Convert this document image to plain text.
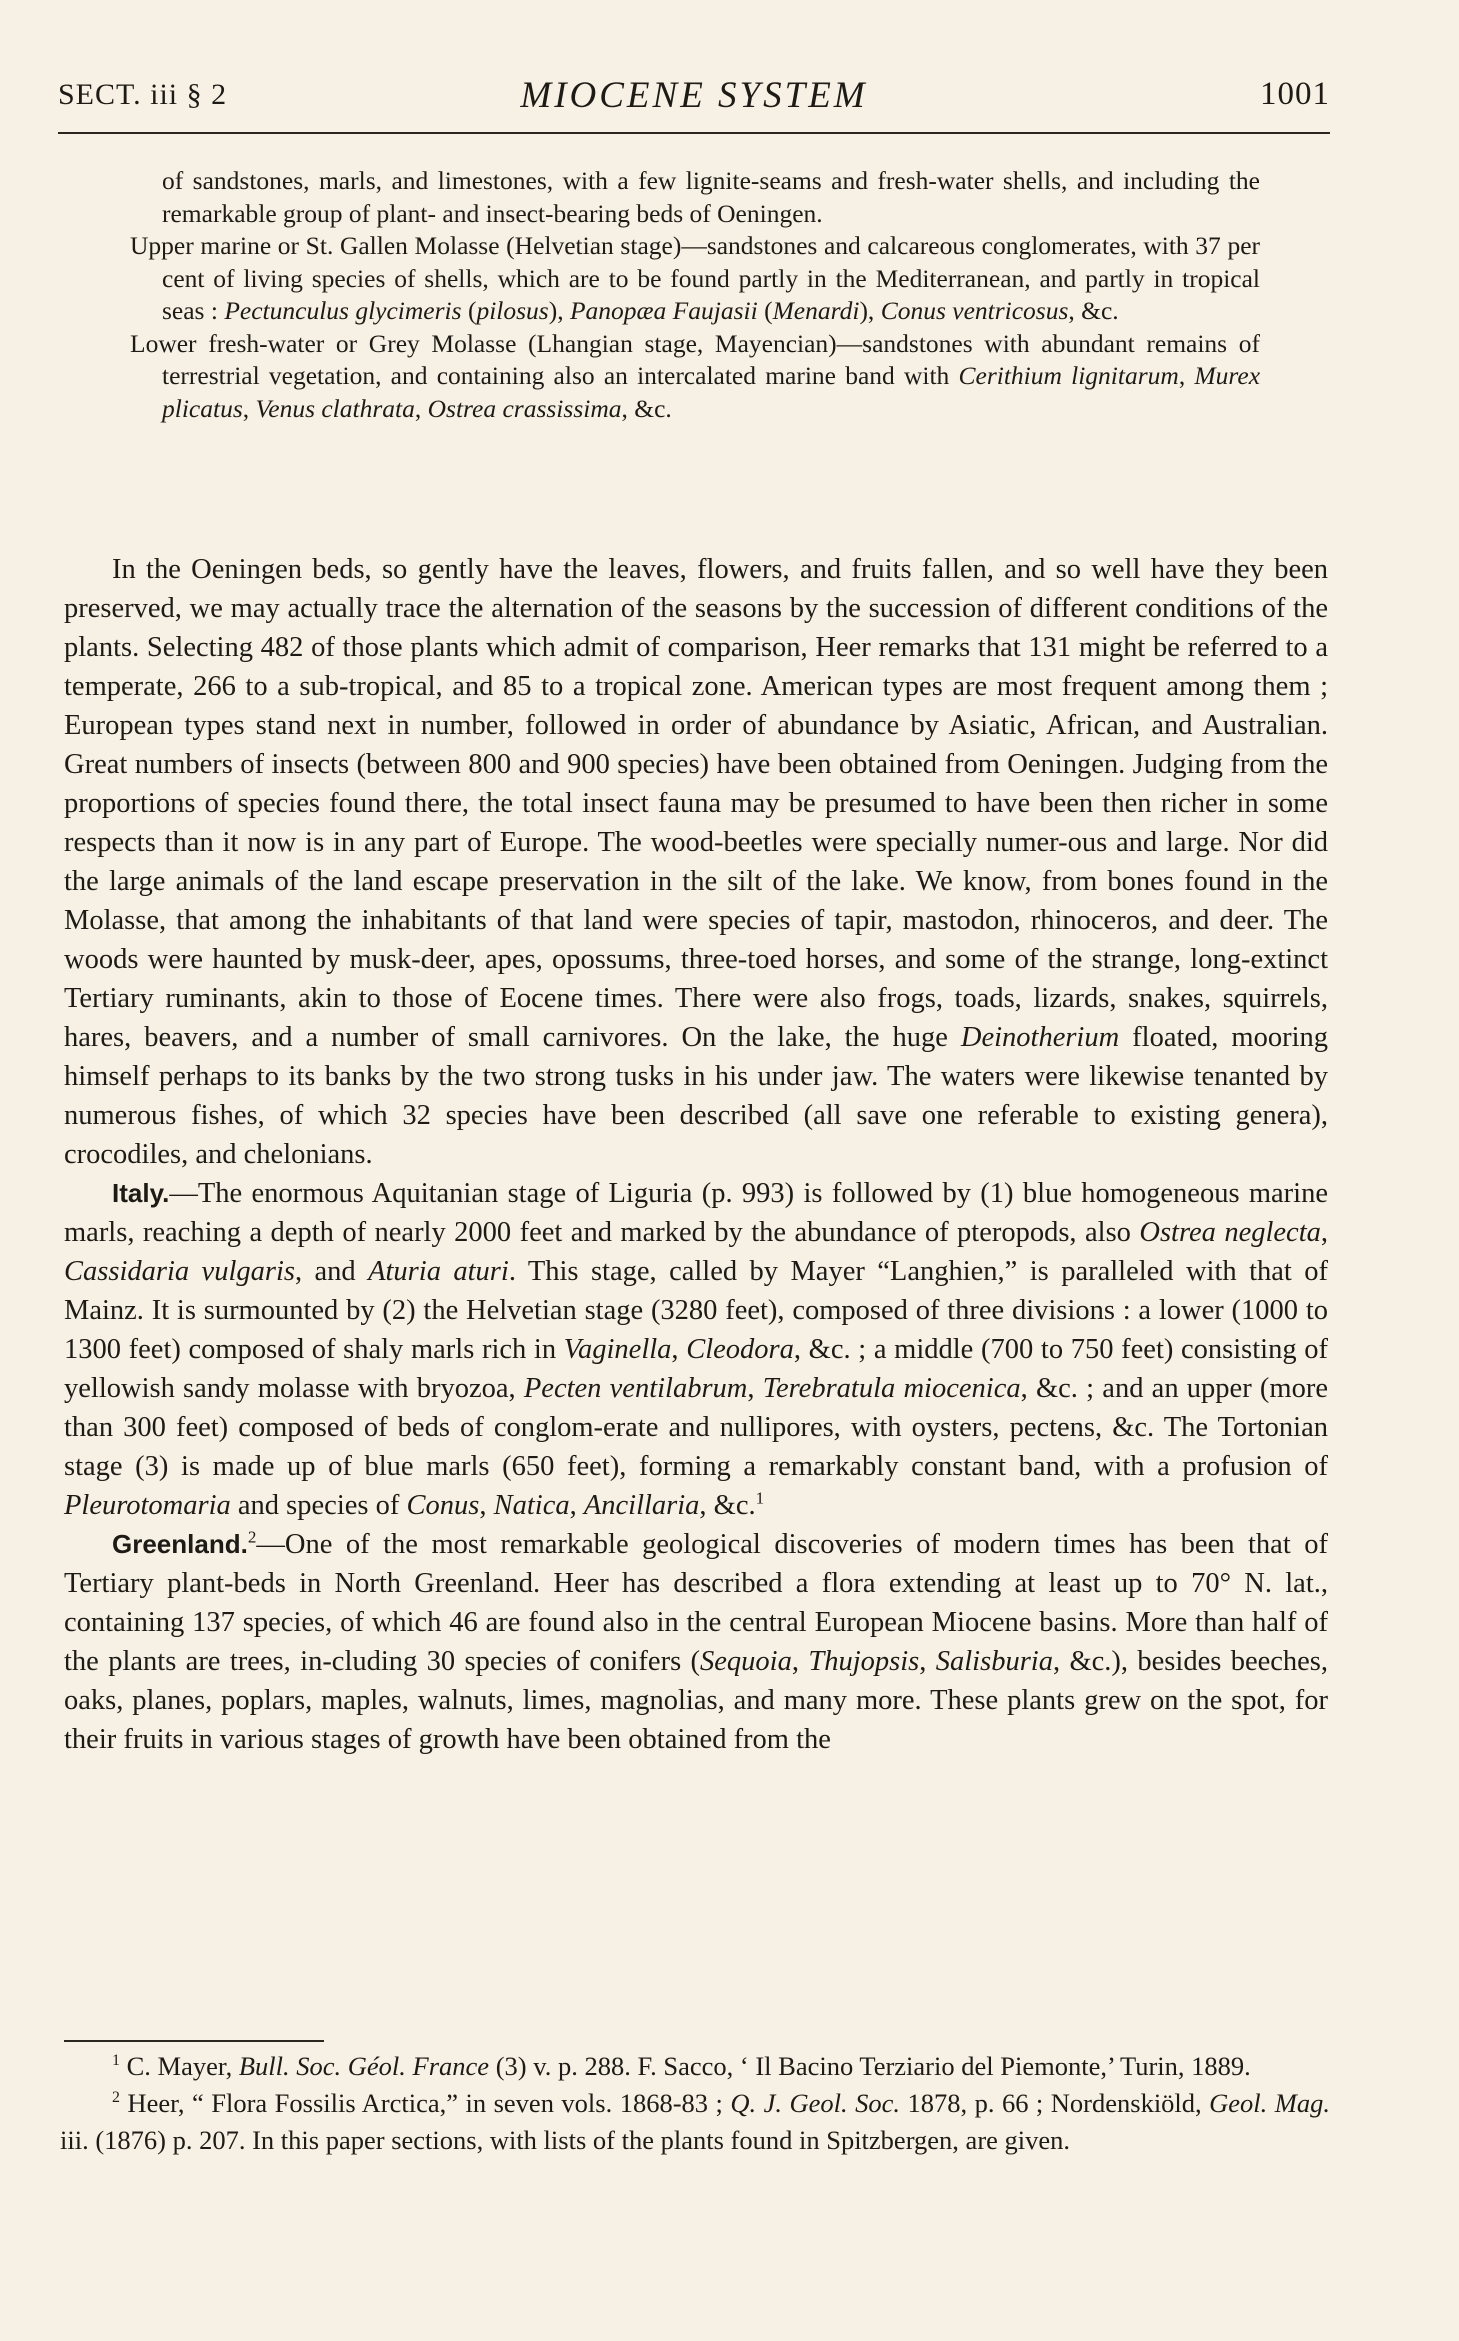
SECT. iii § 2	MIOCENE SYSTEM	1001

of sandstones, marls, and limestones, with a few lignite-seams and fresh-water shells, and including the remarkable group of plant- and insect-bearing beds of Oeningen.

Upper marine or St. Gallen Molasse (Helvetian stage)—sandstones and calcareous conglomerates, with 37 per cent of living species of shells, which are to be found partly in the Mediterranean, and partly in tropical seas : Pectunculus glycimeris (pilosus), Panopæa Faujasii (Menardi), Conus ventricosus, &c.

Lower fresh-water or Grey Molasse (Lhangian stage, Mayencian)—sandstones with abundant remains of terrestrial vegetation, and containing also an intercalated marine band with Cerithium lignitarum, Murex plicatus, Venus clathrata, Ostrea crassissima, &c.

In the Oeningen beds, so gently have the leaves, flowers, and fruits fallen, and so well have they been preserved, we may actually trace the alternation of the seasons by the succession of different conditions of the plants. Selecting 482 of those plants which admit of comparison, Heer remarks that 131 might be referred to a temperate, 266 to a sub-tropical, and 85 to a tropical zone. American types are most frequent among them ; European types stand next in number, followed in order of abundance by Asiatic, African, and Australian. Great numbers of insects (between 800 and 900 species) have been obtained from Oeningen. Judging from the proportions of species found there, the total insect fauna may be presumed to have been then richer in some respects than it now is in any part of Europe. The wood-beetles were specially numer-ous and large. Nor did the large animals of the land escape preservation in the silt of the lake. We know, from bones found in the Molasse, that among the inhabitants of that land were species of tapir, mastodon, rhinoceros, and deer. The woods were haunted by musk-deer, apes, opossums, three-toed horses, and some of the strange, long-extinct Tertiary ruminants, akin to those of Eocene times. There were also frogs, toads, lizards, snakes, squirrels, hares, beavers, and a number of small carnivores. On the lake, the huge Deinotherium floated, mooring himself perhaps to its banks by the two strong tusks in his under jaw. The waters were likewise tenanted by numerous fishes, of which 32 species have been described (all save one referable to existing genera), crocodiles, and chelonians.

Italy.—The enormous Aquitanian stage of Liguria (p. 993) is followed by (1) blue homogeneous marine marls, reaching a depth of nearly 2000 feet and marked by the abundance of pteropods, also Ostrea neglecta, Cassidaria vulgaris, and Aturia aturi. This stage, called by Mayer “Langhien,” is paralleled with that of Mainz. It is surmounted by (2) the Helvetian stage (3280 feet), composed of three divisions : a lower (1000 to 1300 feet) composed of shaly marls rich in Vaginella, Cleodora, &c. ; a middle (700 to 750 feet) consisting of yellowish sandy molasse with bryozoa, Pecten ventilabrum, Terebratula miocenica, &c. ; and an upper (more than 300 feet) composed of beds of conglom-erate and nullipores, with oysters, pectens, &c. The Tortonian stage (3) is made up of blue marls (650 feet), forming a remarkably constant band, with a profusion of Pleurotomaria and species of Conus, Natica, Ancillaria, &c.$^1$

Greenland.$^2$—One of the most remarkable geological discoveries of modern times has been that of Tertiary plant-beds in North Greenland. Heer has described a flora extending at least up to 70° N. lat., containing 137 species, of which 46 are found also in the central European Miocene basins. More than half of the plants are trees, in-cluding 30 species of conifers (Sequoia, Thujopsis, Salisburia, &c.), besides beeches, oaks, planes, poplars, maples, walnuts, limes, magnolias, and many more. These plants grew on the spot, for their fruits in various stages of growth have been obtained from the

$^1$ C. Mayer, Bull. Soc. Géol. France (3) v. p. 288. F. Sacco, ‘ Il Bacino Terziario del Piemonte,’ Turin, 1889.

$^2$ Heer, “ Flora Fossilis Arctica,” in seven vols. 1868-83 ; Q. J. Geol. Soc. 1878, p. 66 ; Nordenskiöld, Geol. Mag. iii. (1876) p. 207. In this paper sections, with lists of the plants found in Spitzbergen, are given.
